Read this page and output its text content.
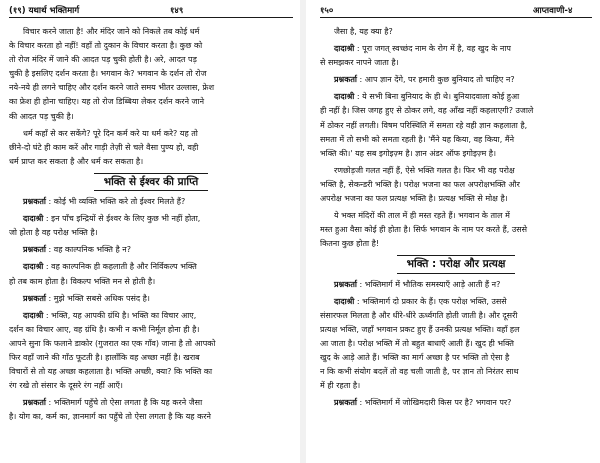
(१९) यथार्थ भक्तिमार्ग	१४९
विचार करने जाता है! और मंदिर जाने को निकले तब कोई धर्म
के विचार करता हो नहीं! वहाँ तो दुकान के विचार करता है। कुछ को
तो रोज मंदिर में जाने की आदत पड़ चुकी होती है। अरे, आदत पड़
चुकी है इसलिए दर्शन करता है। भगवान के? भगवान के दर्शन तो रोज
नये-नये ही लगने चाहिए और दर्शन करने जाते समय भीतर उल्लास, फ्रेश
का फ्रेश ही होना चाहिए। यह तो रोज डिब्बिया लेकर दर्शन करने जाने
की आदत पड़ चुकी है।
धर्म कहाँ से कर सकेंगे? पूरे दिन कर्म करे या धर्म करे? यह तो
छीने-दो घंटे ही काम करें और गाड़ी तेज़ी से चले वैसा पुण्य हो, वही
धर्म प्राप्त कर सकता है और धर्म कर सकता है।
भक्ति से ईश्वर की प्राप्ति
प्रश्नकर्ता : कोई भी व्यक्ति भक्ति करे तो ईश्वर मिलते हैं?
दादाश्री : इन पाँच इन्द्रियों से ईश्वर के लिए कुछ भी नहीं होता,
जो होता है वह परोक्ष भक्ति है।
प्रश्नकर्ता : वह काल्पनिक भक्ति है न?
दादाश्री : वह काल्पनिक ही कहलाती है और निर्विकल्प भक्ति
हो तब काम होता है। विकल्प भक्ति मन से होती है।
प्रश्नकर्ता : मुझे भक्ति सबसे अधिक पसंद है।
दादाश्री : भक्ति, यह आपकी ग्रंथि है। भक्ति का विचार आए,
दर्शन का विचार आए, वह ग्रंथि है। कभी न कभी निर्मूल होना ही है।
आपने सुना कि फलाने डाकोर (गुजरात का एक गाँव) जाना है तो आपको
फिर वहाँ जाने की गाँठ फूटती है। हालाँकि वह अच्छा नहीं है। खराब
विचारों से तो यह अच्छा कहलाता है। भक्ति अच्छी, क्या? कि भक्ति का
रंग रखे तो संसार के दूसरे रंग नहीं आएँ।
प्रश्नकर्ता : भक्तिमार्ग पहुँचे तो ऐसा लगता है कि यह करने जैसा
है। योग का, कर्म का, ज्ञानमार्ग का पहुँचे तो ऐसा लगता है कि यह करने
१५०	आप्तवाणी-४
जैसा है, यह क्या है?
दादाश्री : पूरा जगत् स्वच्छंद नाम के रोग में है, वह खुद के नाप
से समझकर नापने जाता है।
प्रश्नकर्ता : आप ज्ञान देंगे, पर हमारी कुछ बुनियाद तो चाहिए न?
दादाश्री : ये सभी बिना बुनियाद के ही थे। बुनियादवाला कोई हुआ
ही नहीं है। जिस जगह हुए से ठोकर लगे, वह आँख नहीं कहलाएगी? उजाले
में ठोकर नहीं लगती। विषम परिस्थिति में समता रहे वही ज्ञान कहलाता है,
समता में तो सभी को समता रहती है। 'मैंने यह किया, वह किया, मैंने
भक्ति की।' यह सब इगोइज़्म है। ज्ञान अंडर ऑफ इगोइज़्म है।
रणछोड़जी गलत नहीं हैं, ऐसे भक्ति गलत है। फिर भी वह परोक्ष
भक्ति है, सेकन्डरी भक्ति है। परोक्ष भजना का फल अपरोक्षभक्ति और
अपरोक्ष भजना का फल प्रत्यक्ष भक्ति है। प्रत्यक्ष भक्ति से मोक्ष है।
ये भक्त मंदिरों की ताल में ही मस्त रहते हैं। भगवान के ताल में
मस्त हुआ वैसा कोई ही होता है। सिर्फ भगवान के नाम पर करते हैं, उससे
कितना कुछ होता है!
भक्ति : परोक्ष और प्रत्यक्ष
प्रश्नकर्ता : भक्तिमार्ग में भौतिक समस्याएँ आड़े आती हैं न?
दादाश्री : भक्तिमार्ग दो प्रकार के हैं। एक परोक्ष भक्ति, उससे
संसारफल मिलता है और धीरे-धीरे ऊर्ध्वगति होती जाती है। और दूसरी
प्रत्यक्ष भक्ति, जहाँ भगवान प्रकट हुए हैं उनकी प्रत्यक्ष भक्ति। वहाँ हल
आ जाता है। परोक्ष भक्ति में तो बहुत बाधाएँ आती हैं। खुद ही भक्ति
खुद के आड़े आते हैं। भक्ति का मार्ग अच्छा है पर भक्ति तो ऐसा है
न कि कभी संयोग बदलें तो वह चली जाती है, पर ज्ञान तो निरंतर साथ
में ही रहता है।
प्रश्नकर्ता : भक्तिमार्ग में जोखिमदारी किस पर है? भगवान पर?
